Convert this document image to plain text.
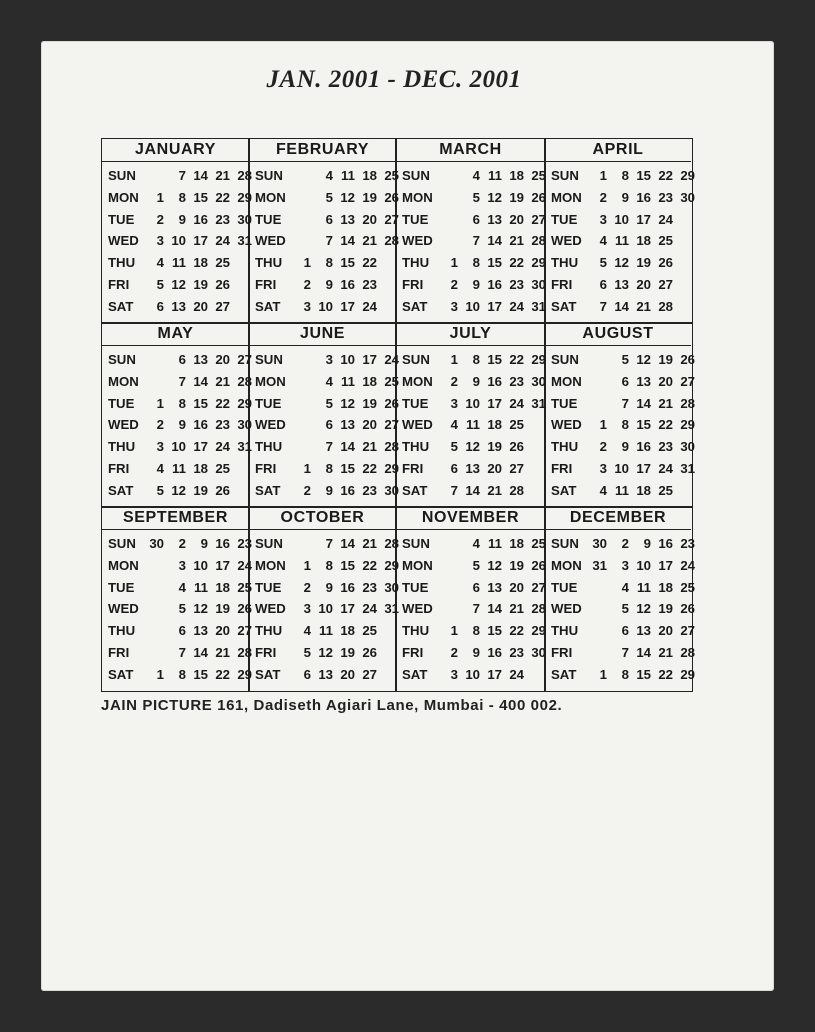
JAN. 2001 - DEC. 2001
JANUARY
SUN	7 14 21 28
MON	1	8 15 22 29
TUE	2	9 16 23 30
WED	3 10 17 24 31
THU	4 11 18 25
FRI	5 12 19 26
SAT	6 13 20 27
FEBRUARY
SUN	4 11 18 25
MON	5 12 19 26
TUE	6 13 20 27
WED	7 14 21 28
THU	1	8 15 22
FRI	2	9 16 23
SAT	3 10 17 24
MARCH
SUN	4 11 18 25
MON	5 12 19 26
TUE	6 13 20 27
WED	7 14 21 28
THU	1	8 15 22 29
FRI	2	9 16 23 30
SAT	3 10 17 24 31
APRIL
SUN	1	8 15 22 29
MON	2	9 16 23 30
TUE	3 10 17 24
WED	4 11 18 25
THU	5 12 19 26
FRI	6 13 20 27
SAT	7 14 21 28
MAY
SUN	6 13 20 27
MON	7 14 21 28
TUE	1	8 15 22 29
WED	2	9 16 23 30
THU	3 10 17 24 31
FRI	4 11 18 25
SAT	5 12 19 26
JUNE
SUN	3 10 17 24
MON	4 11 18 25
TUE	5 12 19 26
WED	6 13 20 27
THU	7 14 21 28
FRI	1	8 15 22 29
SAT	2	9 16 23 30
JULY
SUN	1	8 15 22 29
MON	2	9 16 23 30
TUE	3 10 17 24 31
WED	4 11 18 25
THU	5 12 19 26
FRI	6 13 20 27
SAT	7 14 21 28
AUGUST
SUN	5 12 19 26
MON	6 13 20 27
TUE	7 14 21 28
WED	1	8 15 22 29
THU	2	9 16 23 30
FRI	3 10 17 24 31
SAT	4 11 18 25
SEPTEMBER
SUN	30	2	9 16 23
MON	3 10 17 24
TUE	4 11 18 25
WED	5 12 19 26
THU	6 13 20 27
FRI	7 14 21 28
SAT	1	8 15 22 29
OCTOBER
SUN	7 14 21 28
MON	1	8 15 22 29
TUE	2	9 16 23 30
WED	3 10 17 24 31
THU	4 11 18 25
FRI	5 12 19 26
SAT	6 13 20 27
NOVEMBER
SUN	4 11 18 25
MON	5 12 19 26
TUE	6 13 20 27
WED	7 14 21 28
THU	1	8 15 22 29
FRI	2	9 16 23 30
SAT	3 10 17 24
DECEMBER
SUN	30	2	9 16 23
MON 31	3 10 17 24
TUE	4 11 18 25
WED	5 12 19 26
THU	6 13 20 27
FRI	7 14 21 28
SAT	1	8 15 22 29
JAIN PICTURE 161, Dadiseth Agiari Lane, Mumbai - 400 002.
